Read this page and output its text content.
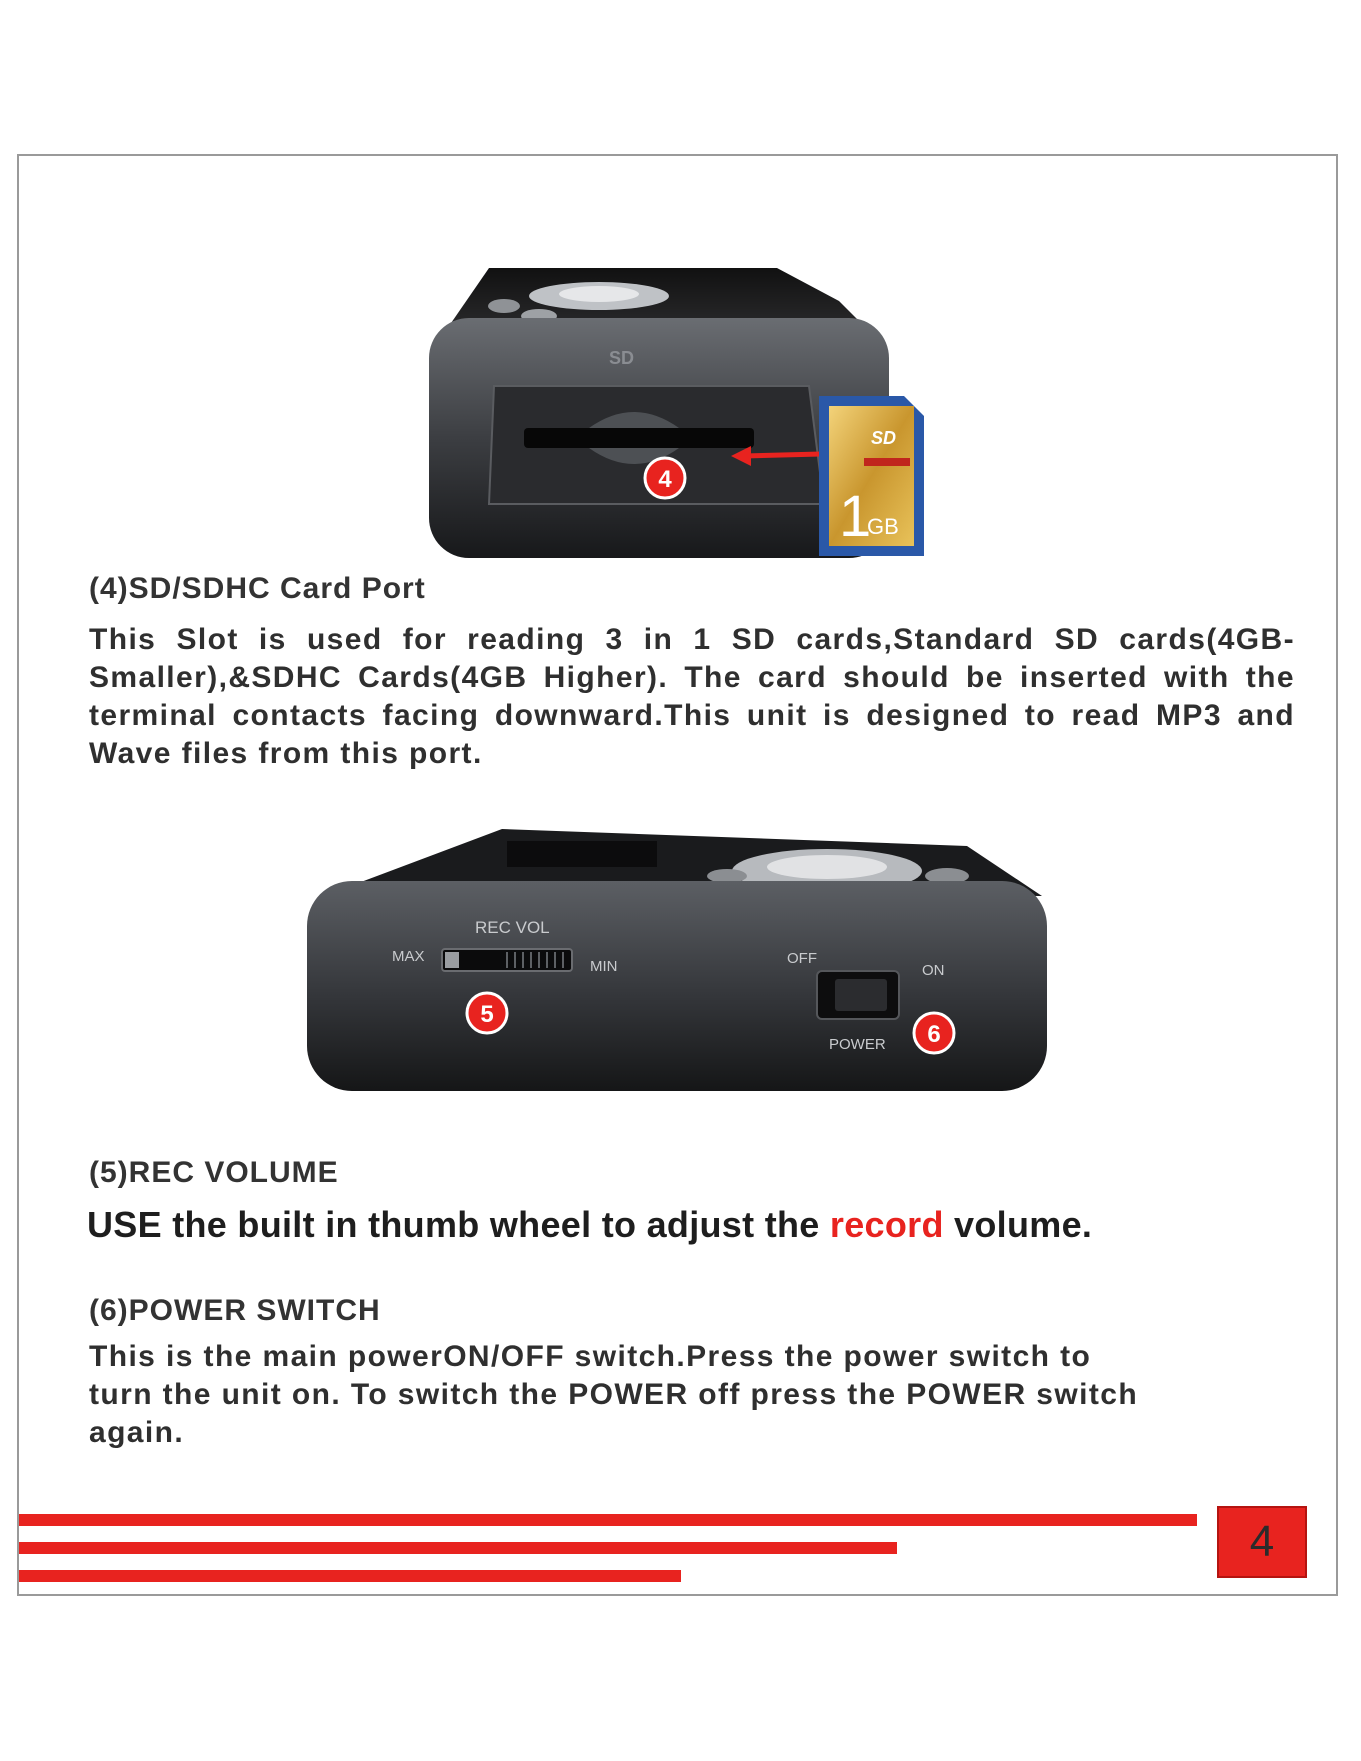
SD
4
SD
1
GB

(4)SD/SDHC Card Port

This Slot is used for reading 3 in 1 SD cards,Standard SD cards(4GB-Smaller),&SDHC Cards(4GB Higher). The card should be inserted with the terminal contacts facing downward.This unit is designed to read MP3 and Wave files from this port.

REC VOL
MAX
MIN
5
OFF
ON
POWER 6

(5)REC VOLUME

USE the built in thumb wheel to adjust the record volume.

(6)POWER SWITCH

This is the main powerON/OFF switch.Press the power switch to turn the unit on. To switch the POWER off press the POWER switch again.

4
